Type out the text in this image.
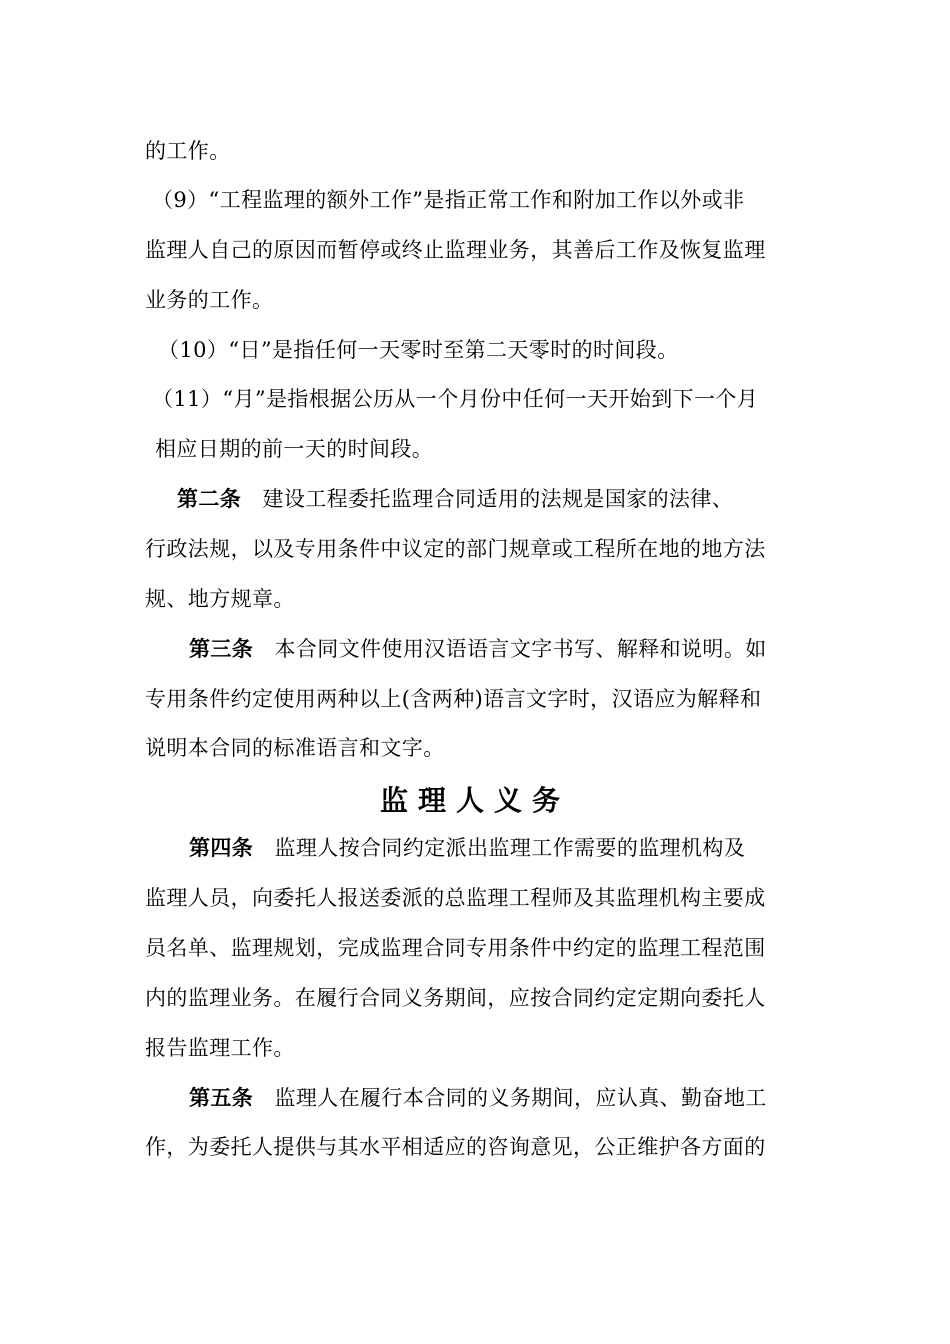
的工作。
（9）“工程监理的额外工作”是指正常工作和附加工作以外或非
监理人自己的原因而暂停或终止监理业务，其善后工作及恢复监理
业务的工作。
（10）“日”是指任何一天零时至第二天零时的时间段。
（11）“月”是指根据公历从一个月份中任何一天开始到下一个月
相应日期的前一天的时间段。
第二条 建设工程委托监理合同适用的法规是国家的法律、
行政法规，以及专用条件中议定的部门规章或工程所在地的地方法
规、地方规章。
第三条 本合同文件使用汉语语言文字书写、解释和说明。如
专用条件约定使用两种以上(含两种)语言文字时，汉语应为解释和
说明本合同的标准语言和文字。
监理人义务
第四条 监理人按合同约定派出监理工作需要的监理机构及
监理人员，向委托人报送委派的总监理工程师及其监理机构主要成
员名单、监理规划，完成监理合同专用条件中约定的监理工程范围
内的监理业务。在履行合同义务期间，应按合同约定定期向委托人
报告监理工作。
第五条 监理人在履行本合同的义务期间，应认真、勤奋地工
作，为委托人提供与其水平相适应的咨询意见，公正维护各方面的
